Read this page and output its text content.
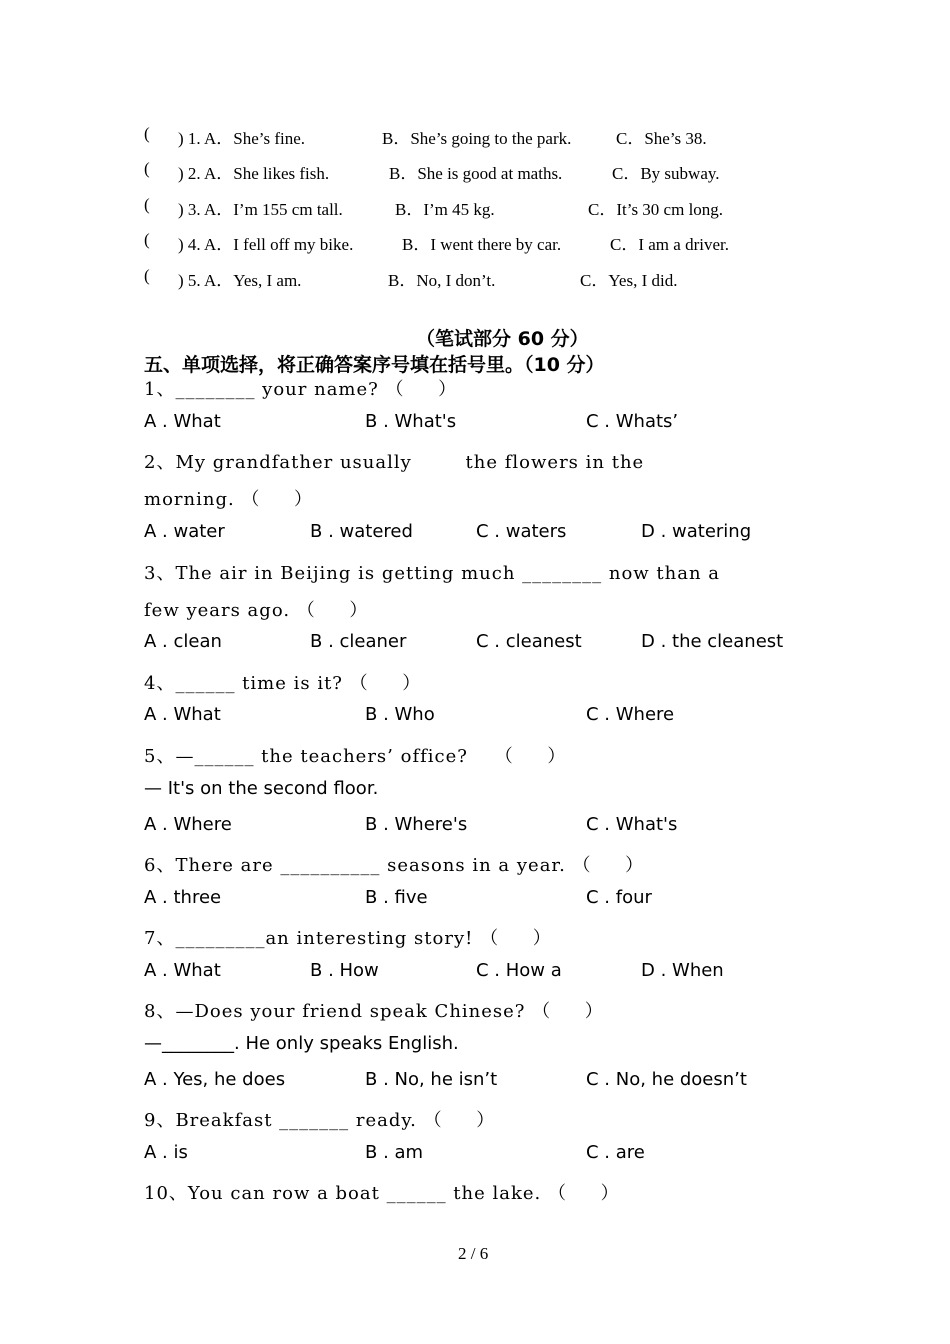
( ) 1. A．She’s fine.	B．She’s going to the park.	C．She’s 38.
( ) 2. A．She likes fish.	B．She is good at maths.	C．By subway.
( ) 3. A．I’m 155 cm tall.	B．I’m 45 kg.	C．It’s 30 cm long.
( ) 4. A．I fell off my bike.	B．I went there by car.	C．I am a driver.
( ) 5. A．Yes, I am.	B．No, I don’t.	C．Yes, I did.
（笔试部分 60 分）
五、单项选择，将正确答案序号填在括号里。（10 分）
1、________ your name? （     ）
A . What	B . What's	C . Whats’
2、My grandfather usually        the flowers in the
morning. （     ）
A . water	B . watered	C . waters	D . watering
3、The air in Beijing is getting much ________ now than a
few years ago. （     ）
A . clean	B . cleaner	C . cleanest	D . the cleanest
4、______ time is it? （     ）
A . What	B . Who	C . Where
5、—______ the teachers’ office?    （     ）
— It's on the second floor.
A . Where	B . Where's	C . What's
6、There are __________ seasons in a year. （     ）
A . three	B . five	C . four
7、_________an interesting story! （     ）
A . What	B . How	C . How a	D . When
8、—Does your friend speak Chinese? （     ）
—________. He only speaks English.
A . Yes, he does	B . No, he isn’t	C . No, he doesn’t
9、Breakfast _______ ready. （     ）
A . is	B . am	C . are
10、You can row a boat ______ the lake. （     ）
2 / 6
